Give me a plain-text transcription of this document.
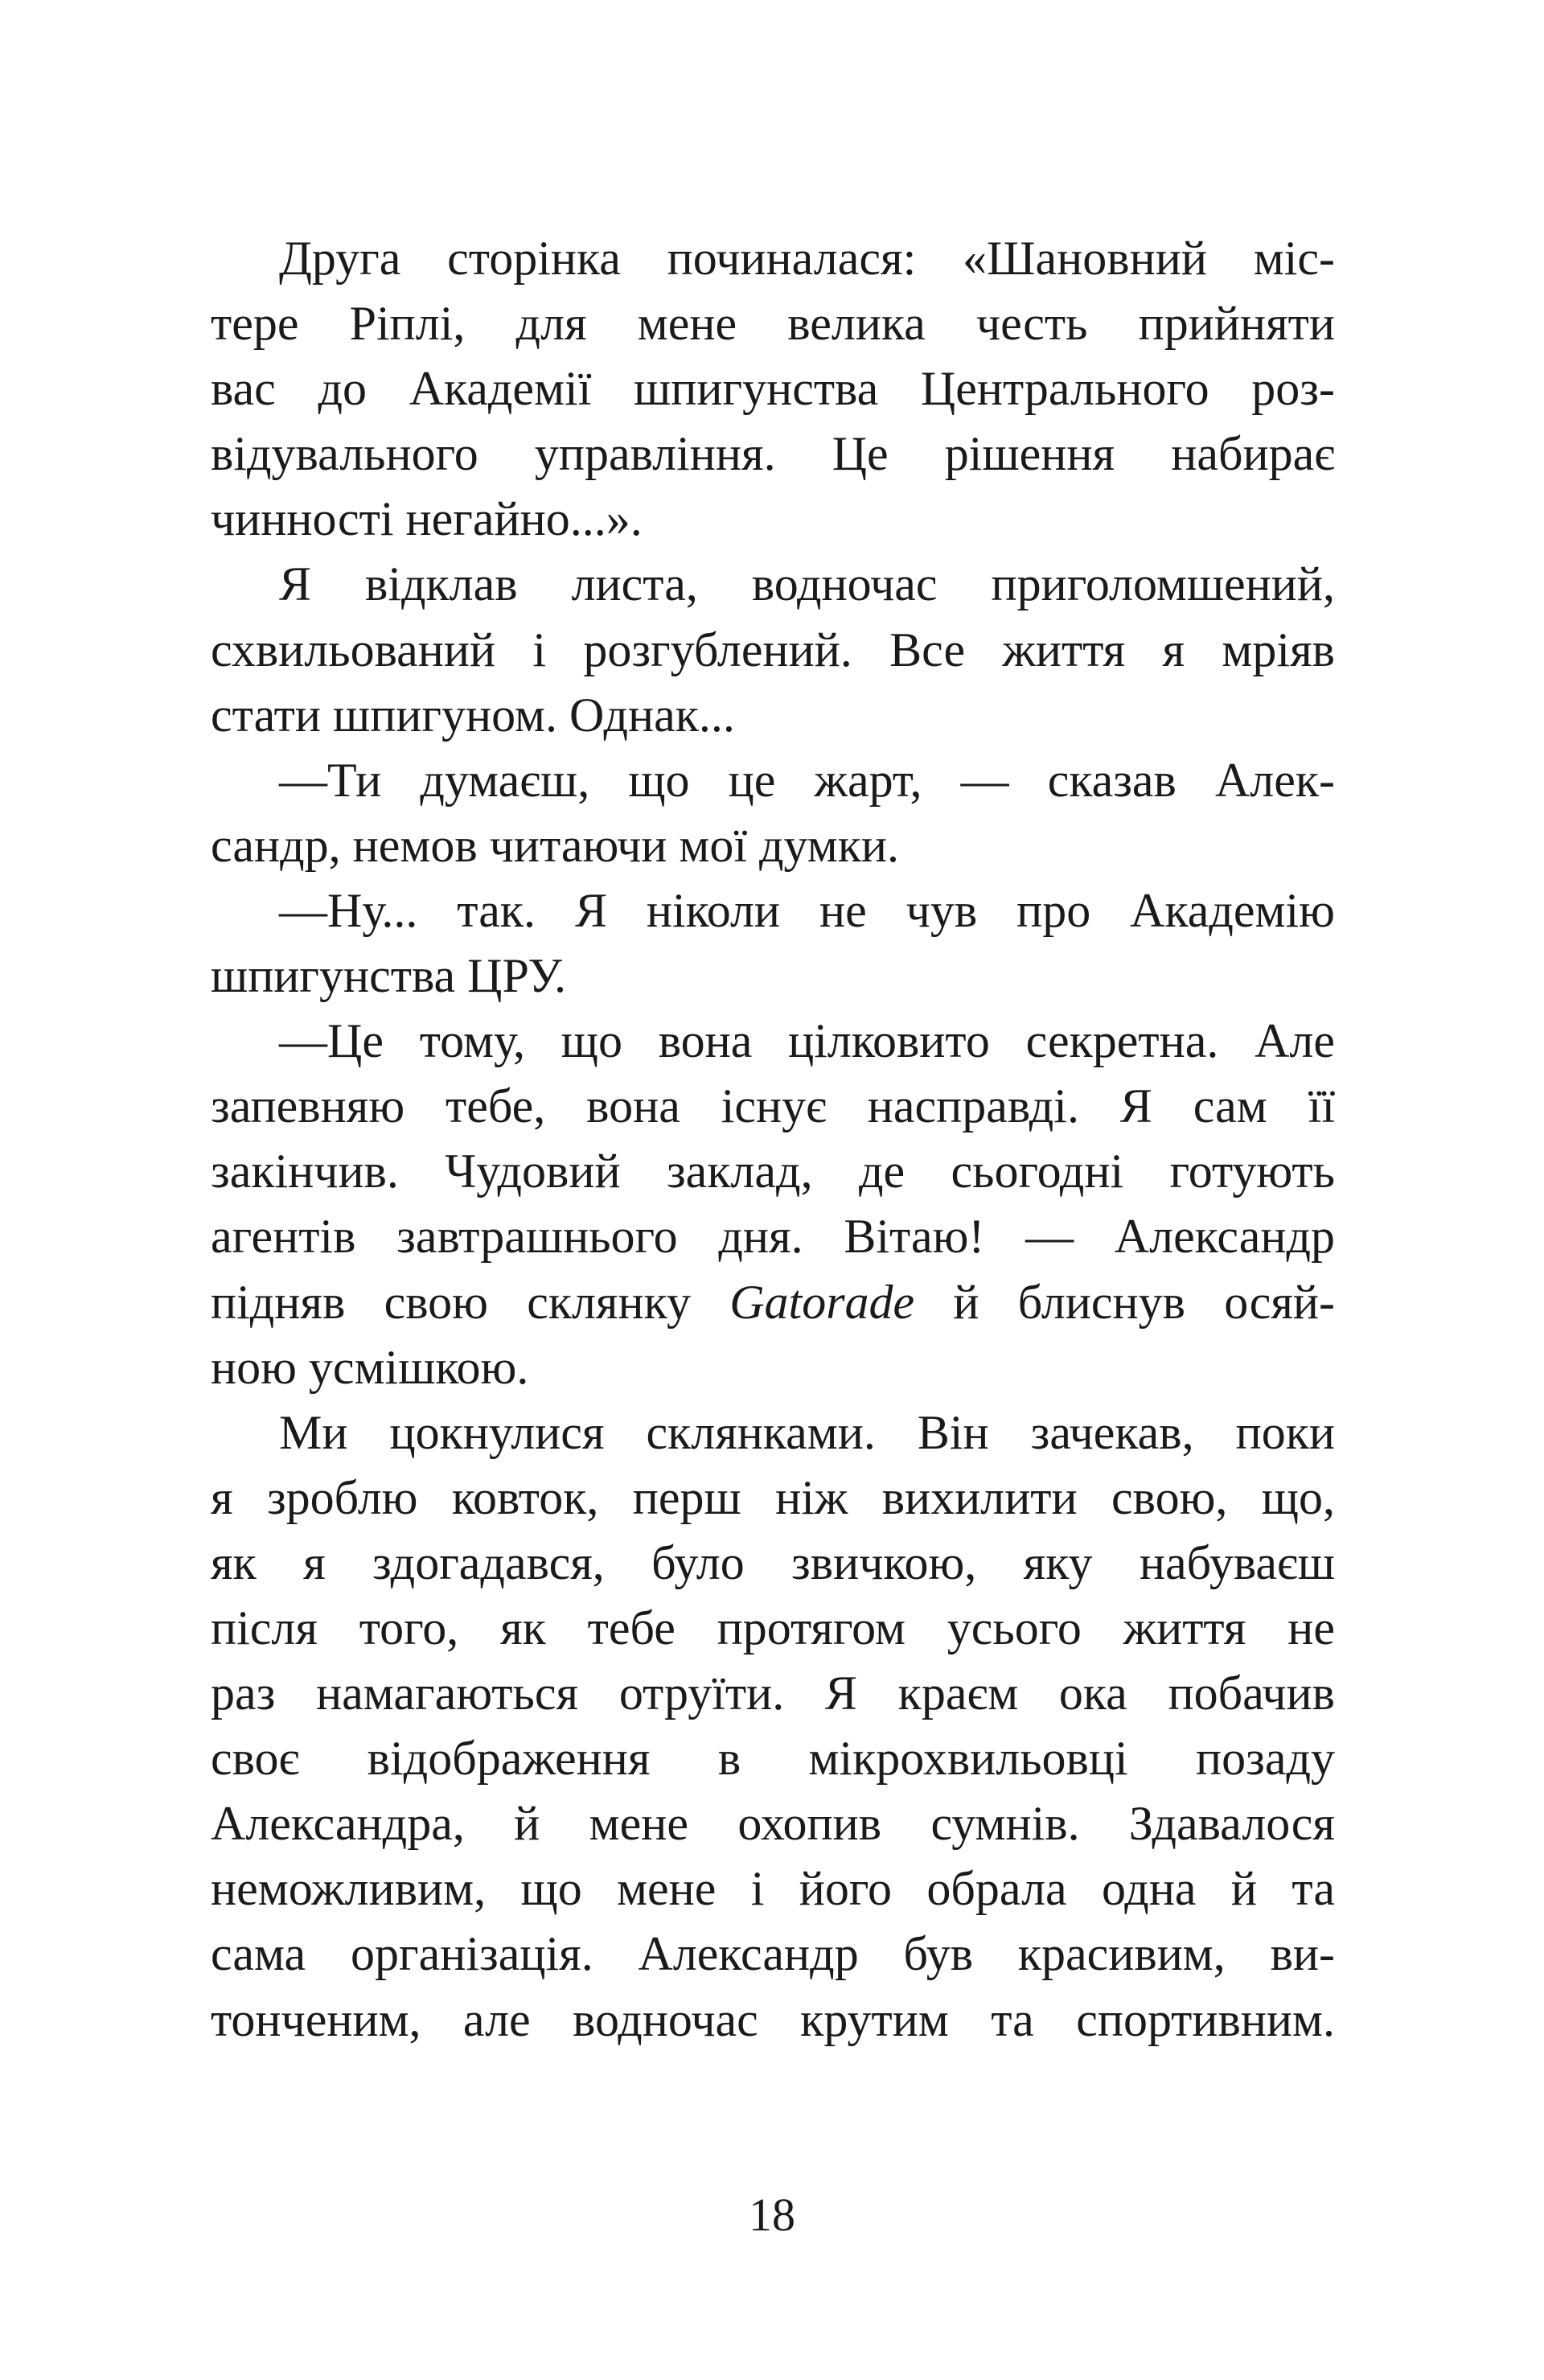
Друга сторінка починалася: «Шановний міс-
тере Ріплі, для мене велика честь прийняти
вас до Академії шпигунства Центрального роз-
відувального управління. Це рішення набирає
чинності негайно...».
Я відклав листа, водночас приголомшений,
схвильований і розгублений. Все життя я мріяв
стати шпигуном. Однак...
—Ти думаєш, що це жарт, — сказав Алек-
сандр, немов читаючи мої думки.
—Ну... так. Я ніколи не чув про Академію
шпигунства ЦРУ.
—Це тому, що вона цілковито секретна. Але
запевняю тебе, вона існує насправді. Я сам її
закінчив. Чудовий заклад, де сьогодні готують
агентів завтрашнього дня. Вітаю! — Александр
підняв свою склянку Gatorade й блиснув осяй-
ною усмішкою.
Ми цокнулися склянками. Він зачекав, поки
я зроблю ковток, перш ніж вихилити свою, що,
як я здогадався, було звичкою, яку набуваєш
після того, як тебе протягом усього життя не
раз намагаються отруїти. Я краєм ока побачив
своє відображення в мікрохвильовці позаду
Александра, й мене охопив сумнів. Здавалося
неможливим, що мене і його обрала одна й та
сама організація. Александр був красивим, ви-
тонченим, але водночас крутим та спортивним.
18
